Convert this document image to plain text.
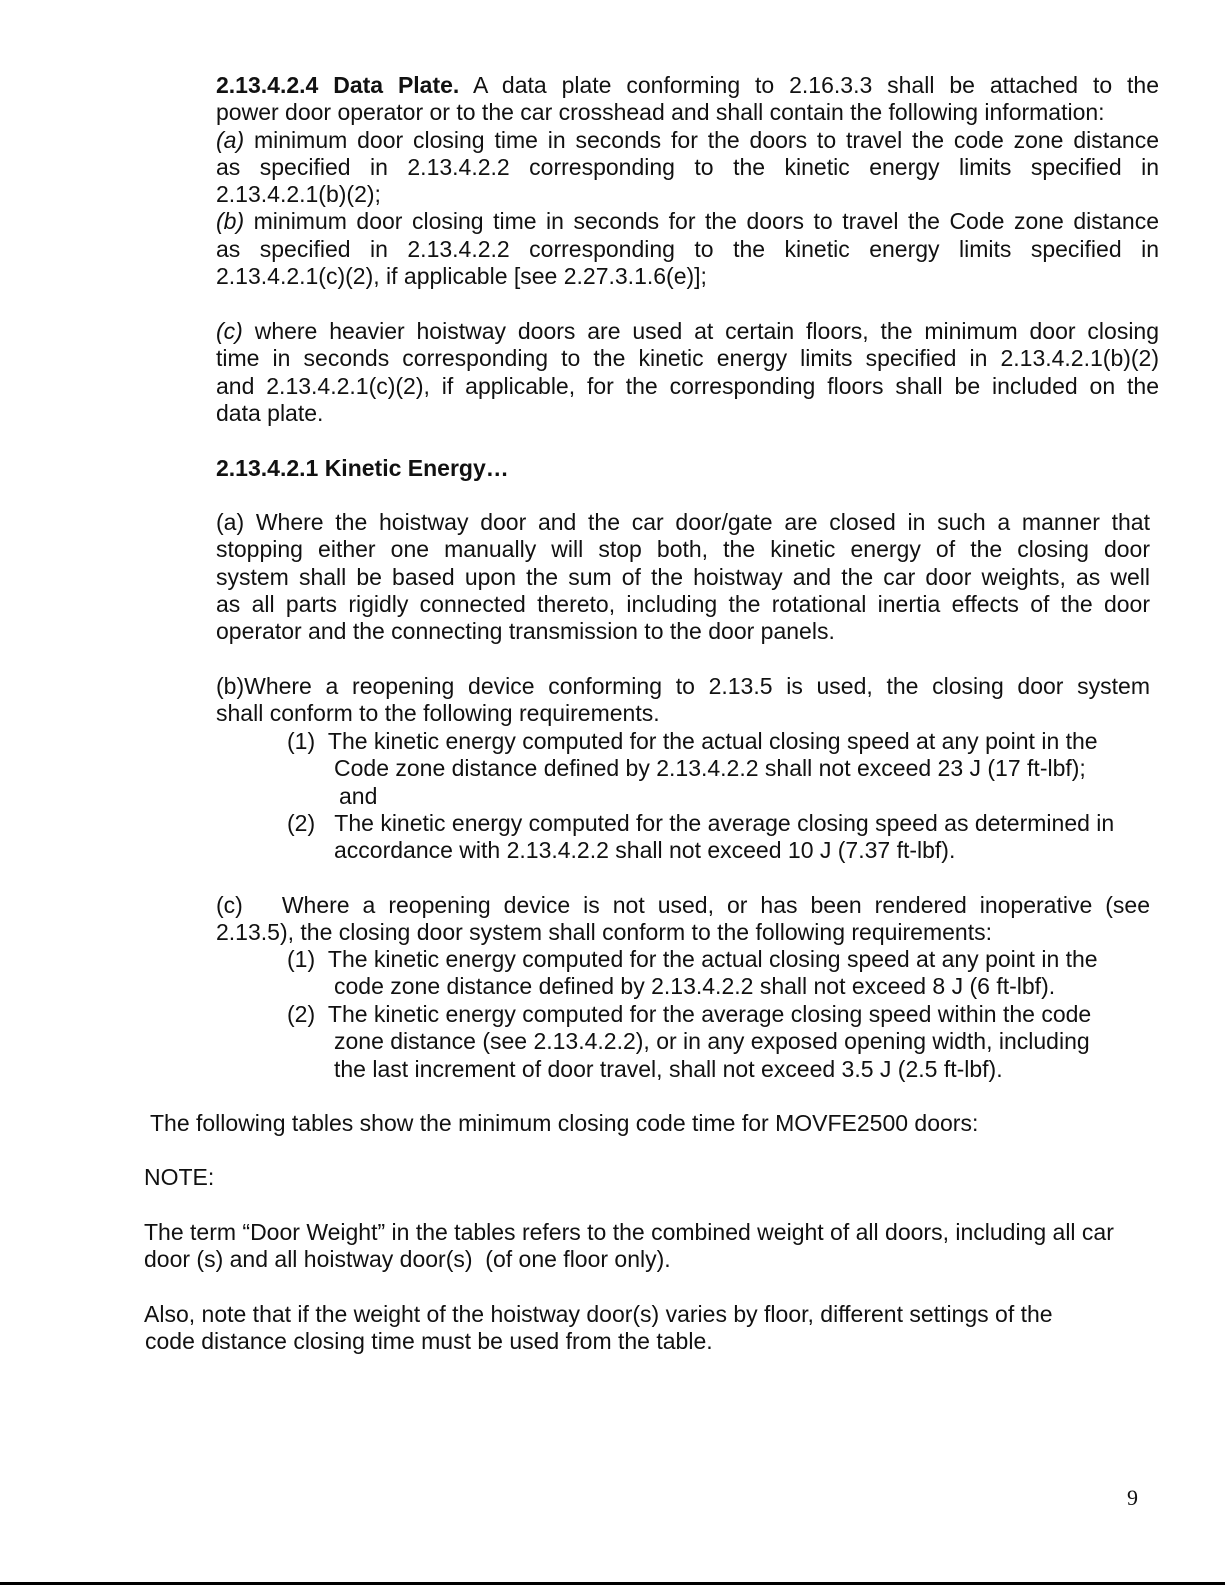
2.13.4.2.4 Data Plate. A data plate conforming to 2.16.3.3 shall be attached to the
power door operator or to the car crosshead and shall contain the following information:
(a) minimum door closing time in seconds for the doors to travel the code zone distance
as specified in 2.13.4.2.2 corresponding to the kinetic energy limits specified in
2.13.4.2.1(b)(2);
(b) minimum door closing time in seconds for the doors to travel the Code zone distance
as specified in 2.13.4.2.2 corresponding to the kinetic energy limits specified in
2.13.4.2.1(c)(2), if applicable [see 2.27.3.1.6(e)];
(c) where heavier hoistway doors are used at certain floors, the minimum door closing
time in seconds corresponding to the kinetic energy limits specified in 2.13.4.2.1(b)(2)
and 2.13.4.2.1(c)(2), if applicable, for the corresponding floors shall be included on the
data plate.
2.13.4.2.1 Kinetic Energy…
(a) Where the hoistway door and the car door/gate are closed in such a manner that
stopping either one manually will stop both, the kinetic energy of the closing door
system shall be based upon the sum of the hoistway and the car door weights, as well
as all parts rigidly connected thereto, including the rotational inertia effects of the door
operator and the connecting transmission to the door panels.
(b)Where a reopening device conforming to 2.13.5 is used, the closing door system
shall conform to the following requirements.
(1) The kinetic energy computed for the actual closing speed at any point in the
Code zone distance defined by 2.13.4.2.2 shall not exceed 23 J (17 ft-lbf);
and
(2) The kinetic energy computed for the average closing speed as determined in
accordance with 2.13.4.2.2 shall not exceed 10 J (7.37 ft-lbf).
(c)   Where a reopening device is not used, or has been rendered inoperative (see
2.13.5), the closing door system shall conform to the following requirements:
(1) The kinetic energy computed for the actual closing speed at any point in the
code zone distance defined by 2.13.4.2.2 shall not exceed 8 J (6 ft-lbf).
(2) The kinetic energy computed for the average closing speed within the code
zone distance (see 2.13.4.2.2), or in any exposed opening width, including
the last increment of door travel, shall not exceed 3.5 J (2.5 ft-lbf).
The following tables show the minimum closing code time for MOVFE2500 doors:
NOTE:
The term “Door Weight” in the tables refers to the combined weight of all doors, including all car
door (s) and all hoistway door(s)  (of one floor only).
Also, note that if the weight of the hoistway door(s) varies by floor, different settings of the
code distance closing time must be used from the table.
9
